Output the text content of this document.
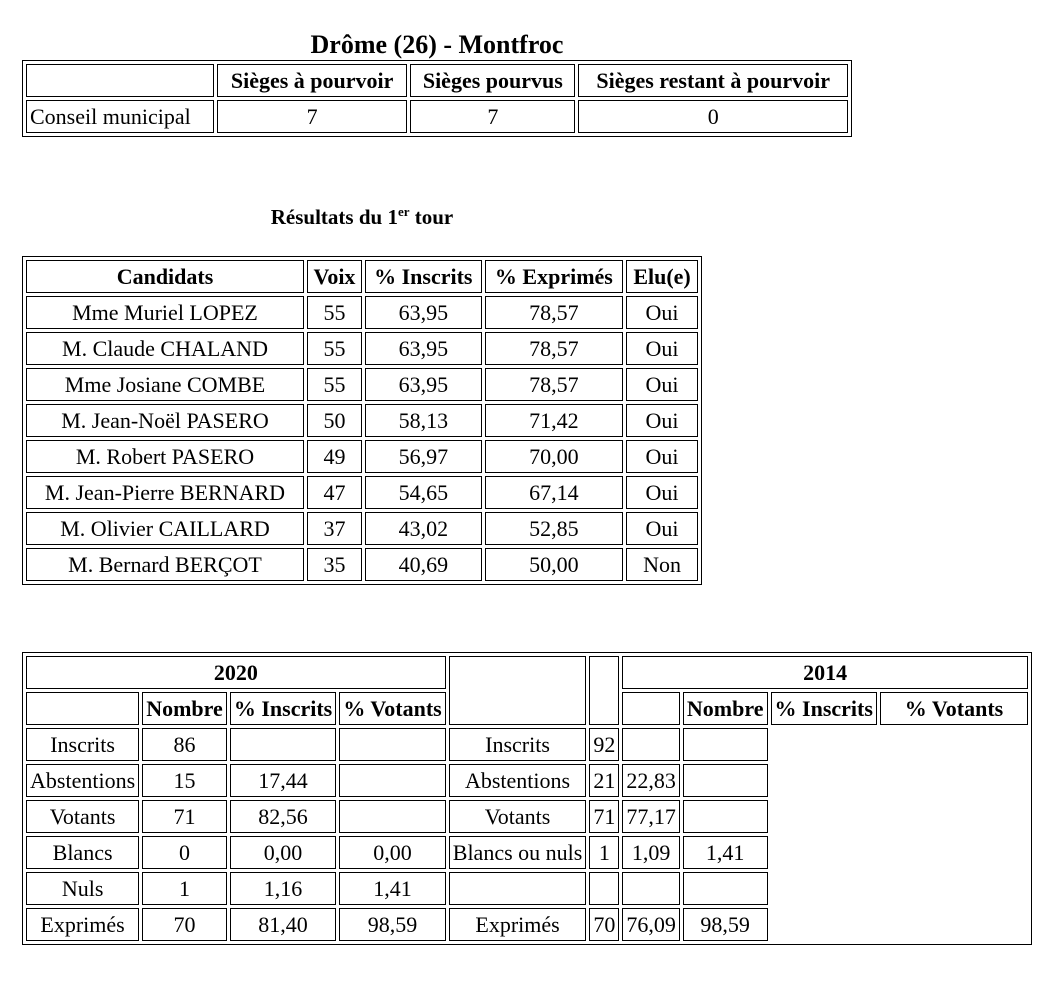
Drôme (26) - Montfroc
	Sièges à pourvoir	Sièges pourvus	Sièges restant à pourvoir
Conseil municipal	7	7	0
Résultats du 1er tour
Candidats	Voix	% Inscrits	% Exprimés	Elu(e)
Mme Muriel LOPEZ	55	63,95	78,57	Oui
M. Claude CHALAND	55	63,95	78,57	Oui
Mme Josiane COMBE	55	63,95	78,57	Oui
M. Jean-Noël PASERO	50	58,13	71,42	Oui
M. Robert PASERO	49	56,97	70,00	Oui
M. Jean-Pierre BERNARD	47	54,65	67,14	Oui
M. Olivier CAILLARD	37	43,02	52,85	Oui
M. Bernard BERÇOT	35	40,69	50,00	Non
2020						2014			
	Nombre	% Inscrits	% Votants				Nombre	% Inscrits	% Votants
Inscrits	86			Inscrits	92				
Abstentions	15	17,44		Abstentions	21	22,83			
Votants	71	82,56		Votants	71	77,17			
Blancs	0	0,00	0,00	Blancs ou nuls	1	1,09	1,41		
Nuls	1	1,16	1,41						
Exprimés	70	81,40	98,59	Exprimés	70	76,09	98,59		
